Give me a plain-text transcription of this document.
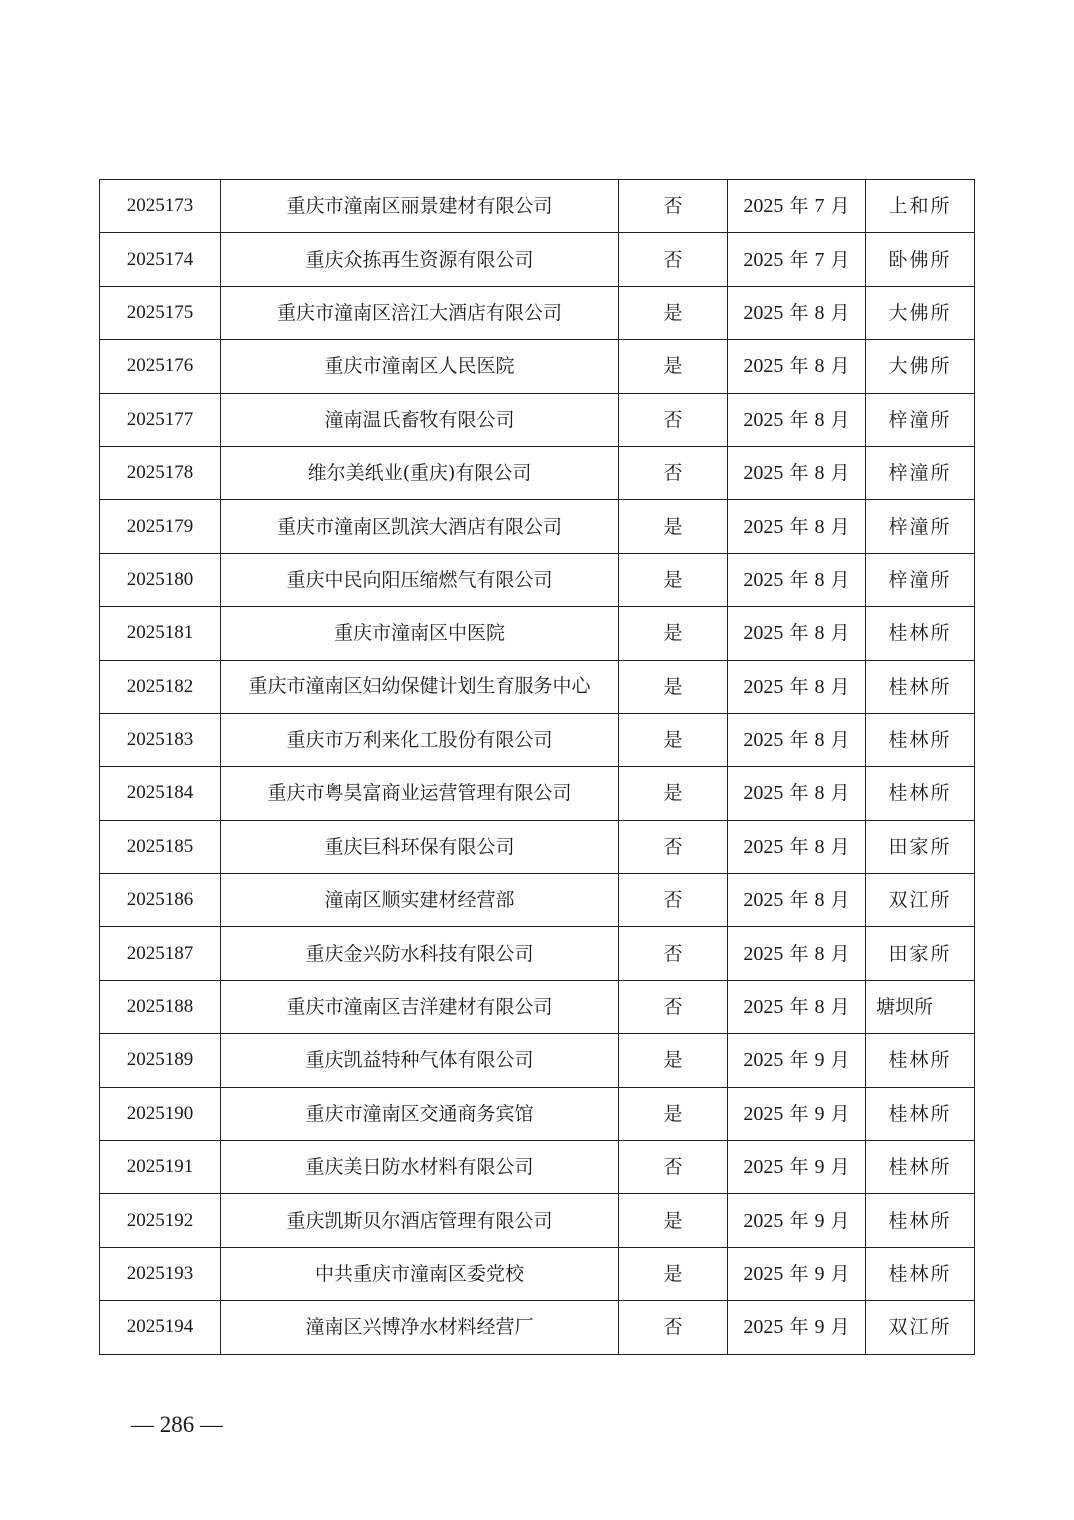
2025173	重庆市潼南区丽景建材有限公司	否	2025 年 7 月	上和所
2025174	重庆众拣再生资源有限公司	否	2025 年 7 月	卧佛所
2025175	重庆市潼南区涪江大酒店有限公司	是	2025 年 8 月	大佛所
2025176	重庆市潼南区人民医院	是	2025 年 8 月	大佛所
2025177	潼南温氏畜牧有限公司	否	2025 年 8 月	梓潼所
2025178	维尔美纸业(重庆)有限公司	否	2025 年 8 月	梓潼所
2025179	重庆市潼南区凯滨大酒店有限公司	是	2025 年 8 月	梓潼所
2025180	重庆中民向阳压缩燃气有限公司	是	2025 年 8 月	梓潼所
2025181	重庆市潼南区中医院	是	2025 年 8 月	桂林所
2025182	重庆市潼南区妇幼保健计划生育服务中心	是	2025 年 8 月	桂林所
2025183	重庆市万利来化工股份有限公司	是	2025 年 8 月	桂林所
2025184	重庆市粤昊富商业运营管理有限公司	是	2025 年 8 月	桂林所
2025185	重庆巨科环保有限公司	否	2025 年 8 月	田家所
2025186	潼南区顺实建材经营部	否	2025 年 8 月	双江所
2025187	重庆金兴防水科技有限公司	否	2025 年 8 月	田家所
2025188	重庆市潼南区吉洋建材有限公司	否	2025 年 8 月	塘坝所
2025189	重庆凯益特种气体有限公司	是	2025 年 9 月	桂林所
2025190	重庆市潼南区交通商务宾馆	是	2025 年 9 月	桂林所
2025191	重庆美日防水材料有限公司	否	2025 年 9 月	桂林所
2025192	重庆凯斯贝尔酒店管理有限公司	是	2025 年 9 月	桂林所
2025193	中共重庆市潼南区委党校	是	2025 年 9 月	桂林所
2025194	潼南区兴博净水材料经营厂	否	2025 年 9 月	双江所
— 286 —
